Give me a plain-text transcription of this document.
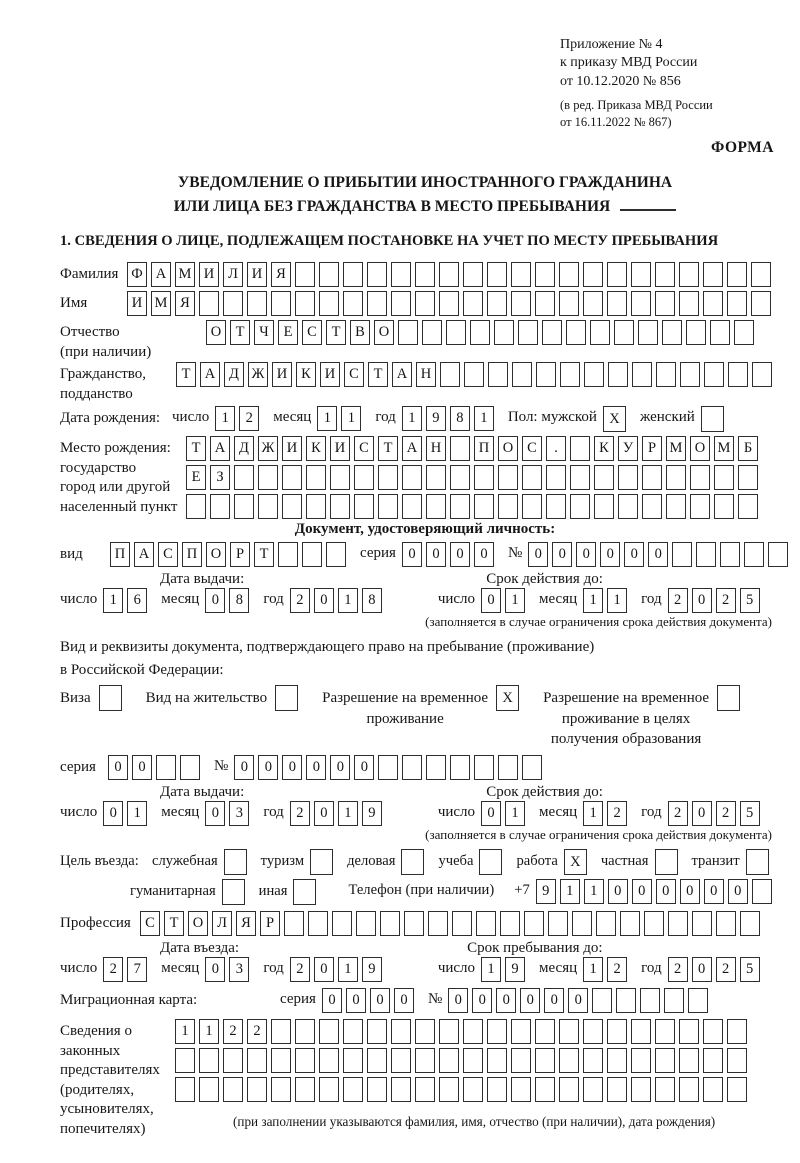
Приложение № 4
к приказу МВД России
от 10.12.2020 № 856
(в ред. Приказа МВД России
от 16.11.2022 № 867)
ФОРМА
УВЕДОМЛЕНИЕ О ПРИБЫТИИ ИНОСТРАННОГО ГРАЖДАНИНА
ИЛИ ЛИЦА БЕЗ ГРАЖДАНСТВА В МЕСТО ПРЕБЫВАНИЯ
1. СВЕДЕНИЯ О ЛИЦЕ, ПОДЛЕЖАЩЕМ ПОСТАНОВКЕ НА УЧЕТ ПО МЕСТУ ПРЕБЫВАНИЯ
Фамилия Ф А М И Л И Я
Имя	И М Я
Отчество
(при наличии)
О Т	Ч	Е	С	Т	В О
Гражданство,
подданство
Т А Д Ж И К И С	Т А Н
Дата рождения: число 1	2	месяц 1	1	год 1	9	8	1	Пол: мужской X	женский
Место рождения:
государство
город или другой
населенный пункт
Т А Д Ж И К И С	Т А Н	П О С	.	К У	Р М О М Б
Е	З
Документ, удостоверяющий личность:
вид	П А С П О	Р	Т	серия 0	0	0	0	№ 0	0	0	0	0	0
Дата выдачи:	Срок действия до:
число 1	6	месяц 0	8	год 2	0	1	8	число 0	1	месяц 1	1	год 2	0	2	5
(заполняется в случае ограничения срока действия документа)
Вид и реквизиты документа, подтверждающего право на пребывание (проживание)
в Российской Федерации:
Виза	Вид на жительство	Разрешение на временное
проживание
X	Разрешение на временное
проживание в целях
получения образования
серия	0	0	№ 0	0	0	0	0	0
Дата выдачи:	Срок действия до:
число 0	1	месяц 0	3	год 2	0	1	9	число 0	1	месяц 1	2	год 2	0	2	5
(заполняется в случае ограничения срока действия документа)
Цель въезда: служебная	туризм	деловая	учеба	работа X	частная	транзит
гуманитарная	иная	Телефон (при наличии) +7 9	1	1	0	0	0	0	0	0
Профессия С	Т О Л Я	Р
Дата въезда:	Срок пребывания до:
число 2	7	месяц 0	3	год 2	0	1	9	число 1	9	месяц 1	2	год 2	0	2	5
Миграционная карта:	серия 0	0	0	0	№ 0	0	0	0	0	0
Сведения о
законных
представителях
(родителях,
усыновителях,
попечителях)
1	1	2	2
(при заполнении указываются фамилия, имя, отчество (при наличии), дата рождения)
